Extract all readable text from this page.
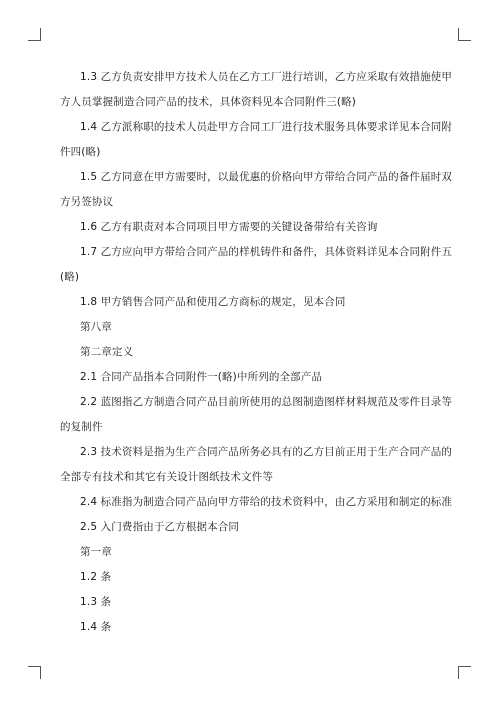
1.3 乙方负责安排甲方技术人员在乙方工厂进行培训，乙方应采取有效措施使甲
方人员掌握制造合同产品的技术，具体资料见本合同附件三(略)
1.4 乙方派称职的技术人员赴甲方合同工厂进行技术服务具体要求详见本合同附
件四(略)
1.5 乙方同意在甲方需要时，以最优惠的价格向甲方带给合同产品的备件届时双
方另签协议
1.6 乙方有职责对本合同项目甲方需要的关键设备带给有关咨询
1.7 乙方应向甲方带给合同产品的样机铸件和备件，具体资料详见本合同附件五
(略)
1.8 甲方销售合同产品和使用乙方商标的规定，见本合同
第八章
第二章定义
2.1 合同产品指本合同附件一(略)中所列的全部产品
2.2 蓝图指乙方制造合同产品目前所使用的总图制造图样材料规范及零件目录等
的复制件
2.3 技术资料是指为生产合同产品所务必具有的乙方目前正用于生产合同产品的
全部专有技术和其它有关设计图纸技术文件等
2.4 标准指为制造合同产品向甲方带给的技术资料中，由乙方采用和制定的标准
2.5 入门费指由于乙方根据本合同
第一章
1.2 条
1.3 条
1.4 条
